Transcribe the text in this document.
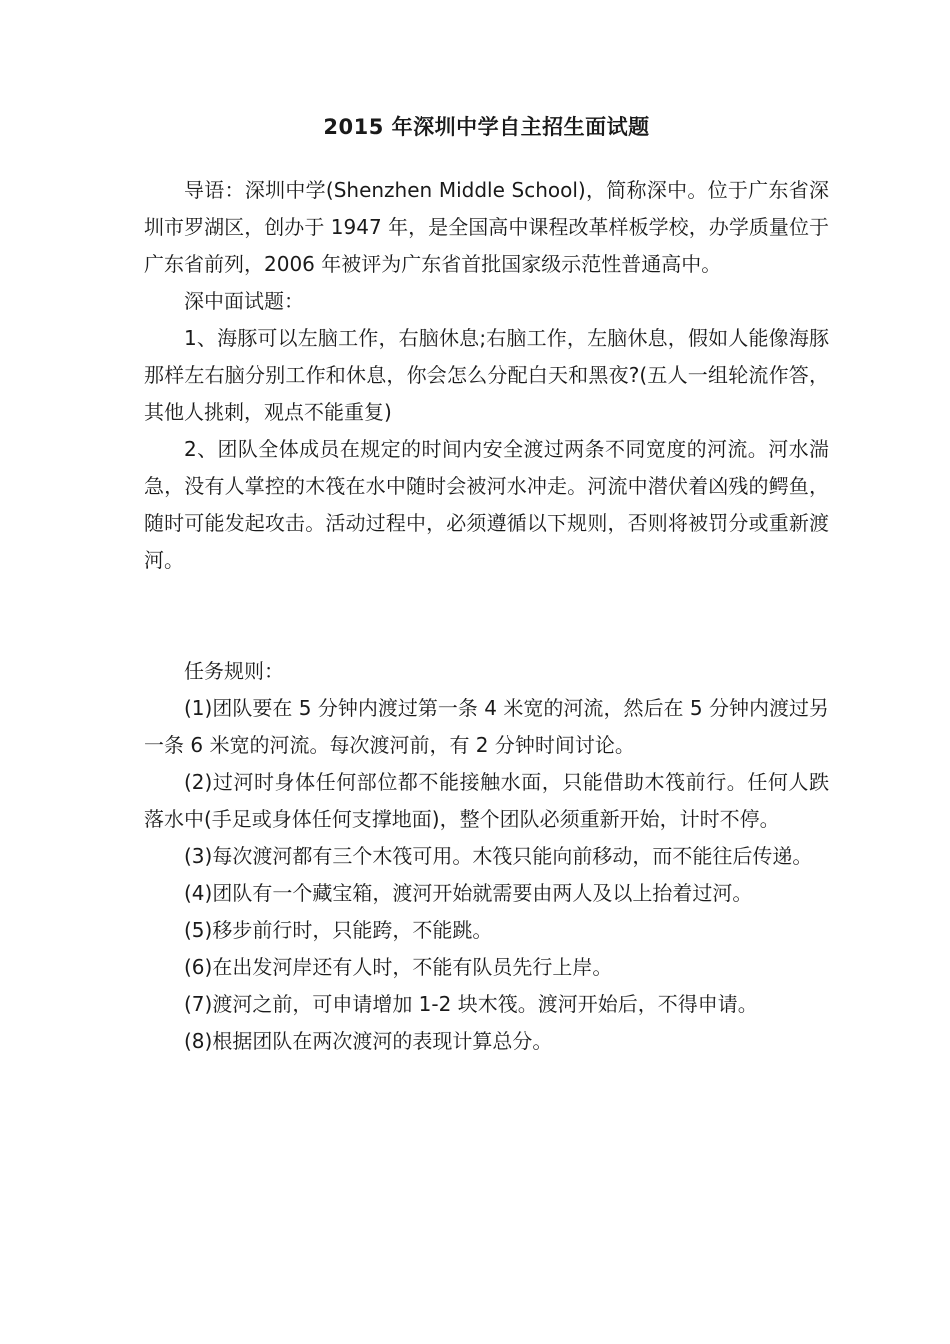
2015 年深圳中学自主招生面试题

导语：深圳中学(Shenzhen Middle School)，简称深中。位于广东省深圳市罗湖区，创办于 1947 年，是全国高中课程改革样板学校，办学质量位于广东省前列，2006 年被评为广东省首批国家级示范性普通高中。

深中面试题：

1、海豚可以左脑工作，右脑休息;右脑工作，左脑休息，假如人能像海豚那样左右脑分别工作和休息，你会怎么分配白天和黑夜?(五人一组轮流作答，其他人挑刺，观点不能重复)

2、团队全体成员在规定的时间内安全渡过两条不同宽度的河流。河水湍急，没有人掌控的木筏在水中随时会被河水冲走。河流中潜伏着凶残的鳄鱼，随时可能发起攻击。活动过程中，必须遵循以下规则，否则将被罚分或重新渡河。

任务规则：

(1)团队要在 5 分钟内渡过第一条 4 米宽的河流，然后在 5 分钟内渡过另一条 6 米宽的河流。每次渡河前，有 2 分钟时间讨论。

(2)过河时身体任何部位都不能接触水面，只能借助木筏前行。任何人跌落水中(手足或身体任何支撑地面)，整个团队必须重新开始，计时不停。

(3)每次渡河都有三个木筏可用。木筏只能向前移动，而不能往后传递。

(4)团队有一个藏宝箱，渡河开始就需要由两人及以上抬着过河。

(5)移步前行时，只能跨，不能跳。

(6)在出发河岸还有人时，不能有队员先行上岸。

(7)渡河之前，可申请增加 1-2 块木筏。渡河开始后，不得申请。

(8)根据团队在两次渡河的表现计算总分。
